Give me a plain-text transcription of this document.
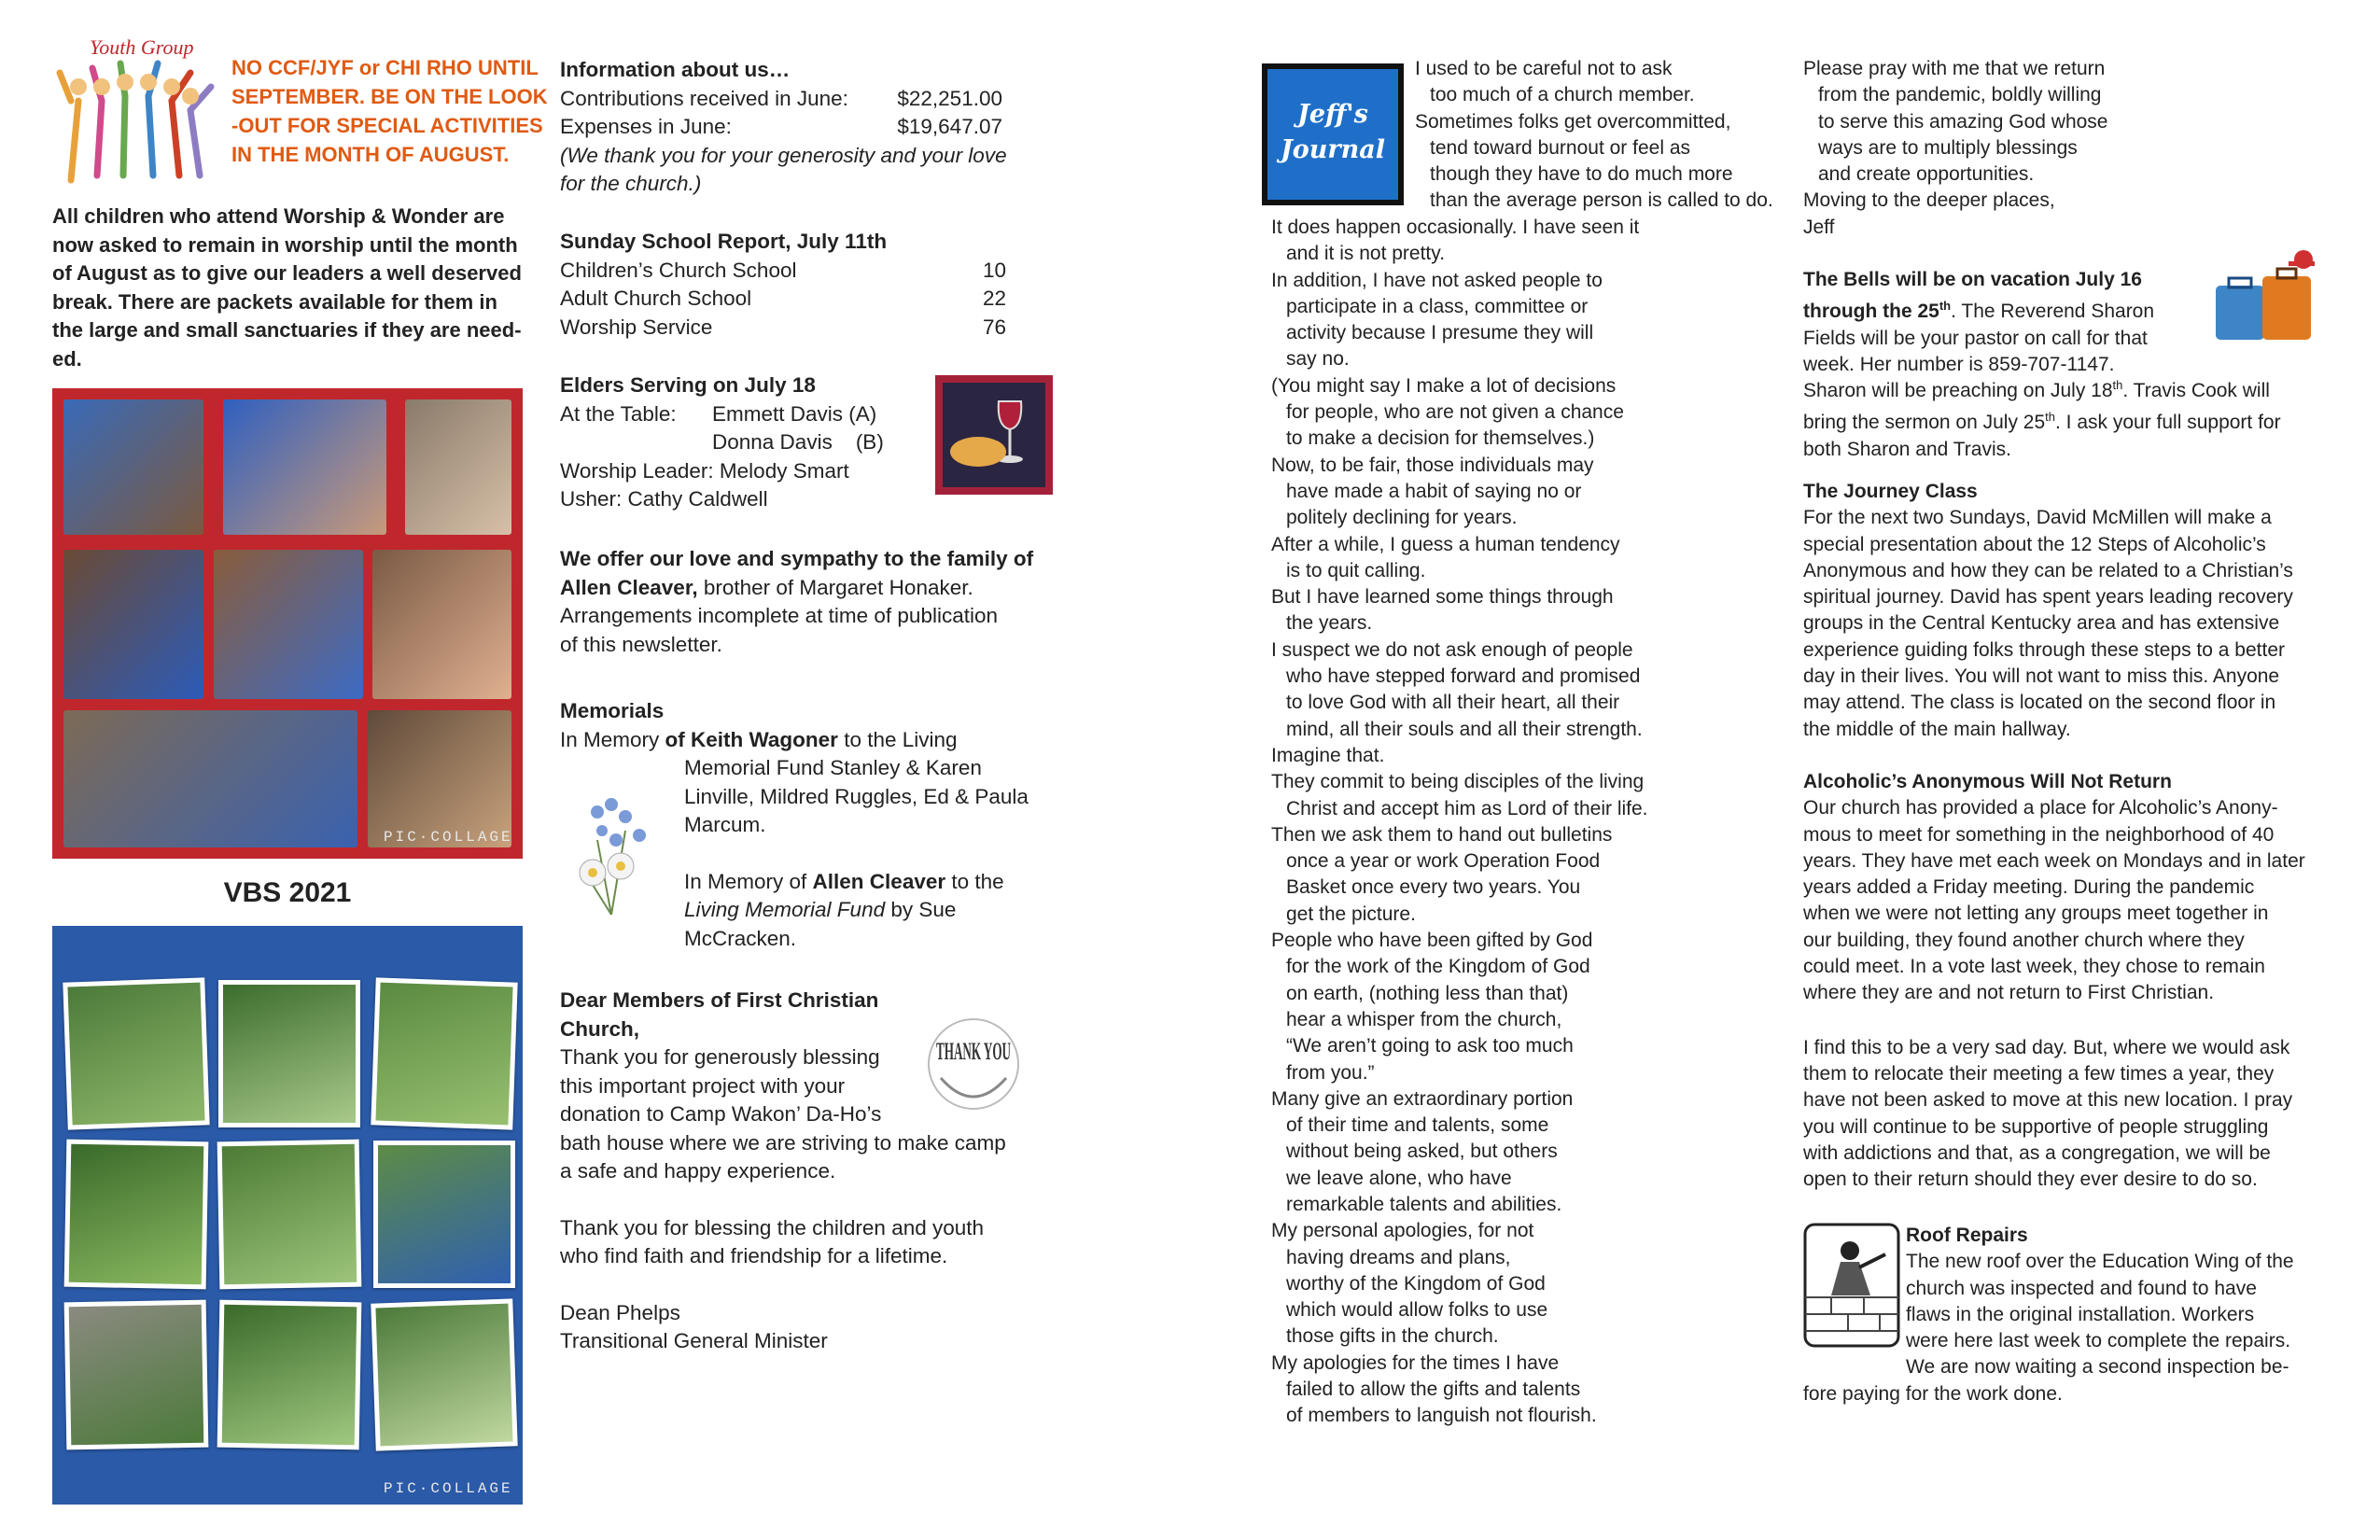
Youth Group
NO CCF/JYF or CHI RHO UNTIL
SEPTEMBER. BE ON THE LOOK
-OUT FOR SPECIAL ACTIVITIES
IN THE MONTH OF AUGUST.
All children who attend Worship & Wonder are
now asked to remain in worship until the month
of August as to give our leaders a well deserved
break. There are packets available for them in
the large and small sanctuaries if they are need-
ed.
PIC·COLLAGE
VBS 2021
PIC·COLLAGE
Information about us…
Contributions received in June: $22,251.00
Expenses in June:	$19,647.07
(We thank you for your generosity and your love
for the church.)
Sunday School Report, July 11th
Children’s Church School	10
Adult Church School	22
Worship Service	76
Elders Serving on July 18
At the Table: Emmett Davis (A)
Donna Davis    (B)

Worship Leader: Melody Smart
Usher: Cathy Caldwell
We offer our love and sympathy to the family of
Allen Cleaver, brother of Margaret Honaker.
Arrangements incomplete at time of publication
of this newsletter.
Memorials
In Memory of Keith Wagoner to the Living
Memorial Fund Stanley & Karen
Linville, Mildred Ruggles, Ed & Paula
Marcum.
In Memory of Allen Cleaver to the
Living Memorial Fund by Sue
McCracken.
Dear Members of First Christian
Church,
Thank you for generously blessing
this important project with your
donation to Camp Wakon’ Da-Ho’s
bath house where we are striving to make camp
a safe and happy experience.
Thank you for blessing the children and youth
who find faith and friendship for a lifetime.
Dean Phelps
Transitional General Minister
THANK YOU
Jeff's
Journal
I used to be careful not to ask
too much of a church member.
Sometimes folks get overcommitted,
tend toward burnout or feel as
though they have to do much more
than the average person is called to do.
It does happen occasionally. I have seen it
and it is not pretty.
In addition, I have not asked people to
participate in a class, committee or
activity because I presume they will
say no.
(You might say I make a lot of decisions
for people, who are not given a chance
to make a decision for themselves.)
Now, to be fair, those individuals may
have made a habit of saying no or
politely declining for years.
After a while, I guess a human tendency
is to quit calling.
But I have learned some things through
the years.
I suspect we do not ask enough of people
who have stepped forward and promised
to love God with all their heart, all their
mind, all their souls and all their strength.
Imagine that.
They commit to being disciples of the living
Christ and accept him as Lord of their life.
Then we ask them to hand out bulletins
once a year or work Operation Food
Basket once every two years. You
get the picture.
People who have been gifted by God
for the work of the Kingdom of God
on earth, (nothing less than that)
hear a whisper from the church,
“We aren’t going to ask too much
from you.”
Many give an extraordinary portion
of their time and talents, some
without being asked, but others
we leave alone, who have
remarkable talents and abilities.
My personal apologies, for not
having dreams and plans,
worthy of the Kingdom of God
which would allow folks to use
those gifts in the church.
My apologies for the times I have
failed to allow the gifts and talents
of members to languish not flourish.
Please pray with me that we return
from the pandemic, boldly willing
to serve this amazing God whose
ways are to multiply blessings
and create opportunities.
Moving to the deeper places,
Jeff
The Bells will be on vacation July 16
through the 25th. The Reverend Sharon
Fields will be your pastor on call for that
week. Her number is 859-707-1147.
Sharon will be preaching on July 18th. Travis Cook will
bring the sermon on July 25th. I ask your full support for
both Sharon and Travis.
The Journey Class
For the next two Sundays, David McMillen will make a
special presentation about the 12 Steps of Alcoholic’s
Anonymous and how they can be related to a Christian’s
spiritual journey. David has spent years leading recovery
groups in the Central Kentucky area and has extensive
experience guiding folks through these steps to a better
day in their lives. You will not want to miss this. Anyone
may attend. The class is located on the second floor in
the middle of the main hallway.
Alcoholic’s Anonymous Will Not Return
Our church has provided a place for Alcoholic’s Anony-
mous to meet for something in the neighborhood of 40
years. They have met each week on Mondays and in later
years added a Friday meeting. During the pandemic
when we were not letting any groups meet together in
our building, they found another church where they
could meet. In a vote last week, they chose to remain
where they are and not return to First Christian.
I find this to be a very sad day. But, where we would ask
them to relocate their meeting a few times a year, they
have not been asked to move at this new location. I pray
you will continue to be supportive of people struggling
with addictions and that, as a congregation, we will be
open to their return should they ever desire to do so.
Roof Repairs
The new roof over the Education Wing of the
church was inspected and found to have
flaws in the original installation. Workers
were here last week to complete the repairs.
We are now waiting a second inspection be-
fore paying for the work done.
